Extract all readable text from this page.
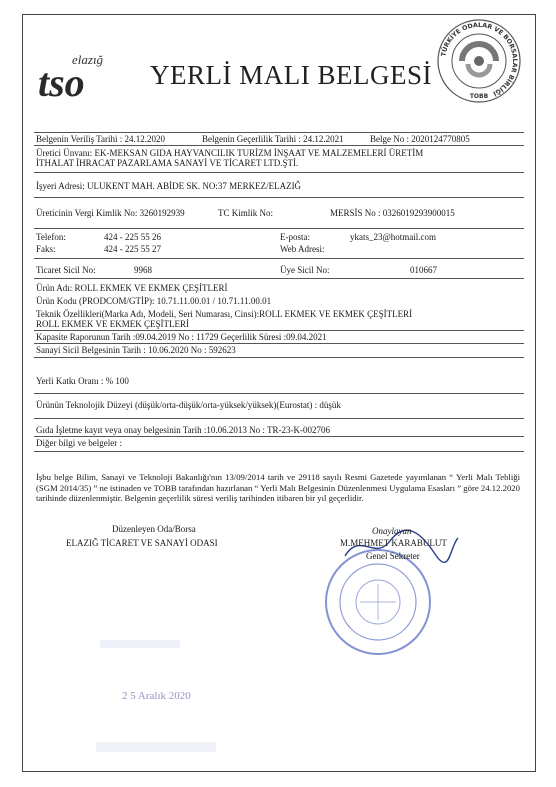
elazığ
tso YERLİ MALI BELGESİ
TÜRKİYE ODALAR VE BORSALAR BİRLİĞİ
TOBB
Belgenin Veriliş Tarihi : 24.12.2020	Belgenin Geçerlilik Tarihi : 24.12.2021	Belge No : 2020124770805
Üretici Ünvanı: EK-MEKSAN GIDA HAYVANCILIK TURİZM İNŞAAT VE MALZEMELERİ ÜRETİM
İTHALAT İHRACAT PAZARLAMA SANAYİ VE TİCARET LTD.ŞTİ.
İşyeri Adresi: ULUKENT MAH. ABİDE SK. NO:37 MERKEZ/ELAZIĞ
Üreticinin Vergi Kimlik No: 3260192939	TC Kimlik No:	MERSİS No : 0326019293900015
Telefon:	424 - 225 55 26	E-posta:	ykats_23@hotmail.com
Faks:	424 - 225 55 27	Web Adresi:
Ticaret Sicil No:	9968	Üye Sicil No:	010667
Ürün Adı: ROLL EKMEK VE EKMEK ÇEŞİTLERİ
Ürün Kodu (PRODCOM/GTİP): 10.71.11.00.01 / 10.71.11.00.01
Teknik Özellikleri(Marka Adı, Modeli, Seri Numarası, Cinsi):ROLL EKMEK VE EKMEK ÇEŞİTLERİ
ROLL EKMEK VE EKMEK ÇEŞİTLERİ
Kapasite Raporunun Tarih :09.04.2019 No : 11729 Geçerlilik Süresi :09.04.2021
Sanayi Sicil Belgesinin Tarih : 10.06.2020 No : 592623
Yerli Katkı Oranı : % 100
Ürünün Teknolojik Düzeyi (düşük/orta-düşük/orta-yüksek/yüksek)(Eurostat) : düşük
Gıda İşletme kayıt veya onay belgesinin Tarih :10.06.2013 No : TR-23-K-002706
Diğer bilgi ve belgeler :
İşbu belge Bilim, Sanayi ve Teknoloji Bakanlığı'nın 13/09/2014 tarih ve 29118 sayılı Resmi Gazetede yayımlanan “ Yerli Malı Tebliği (SGM 2014/35) ” ne istinaden ve TOBB tarafından hazırlanan “ Yerli Malı Belgesinin Düzenlenmesi Uygulama Esasları ” göre 24.12.2020 tarihinde düzenlenmiştir. Belgenin geçerlilik süresi veriliş tarihinden itibaren bir yıl geçerlidir.
Düzenleyen Oda/Borsa
ELAZIĞ TİCARET VE SANAYİ ODASI
Onaylayan
M.MEHMET KARABULUT
Genel Sekreter
2 5 Aralık 2020
